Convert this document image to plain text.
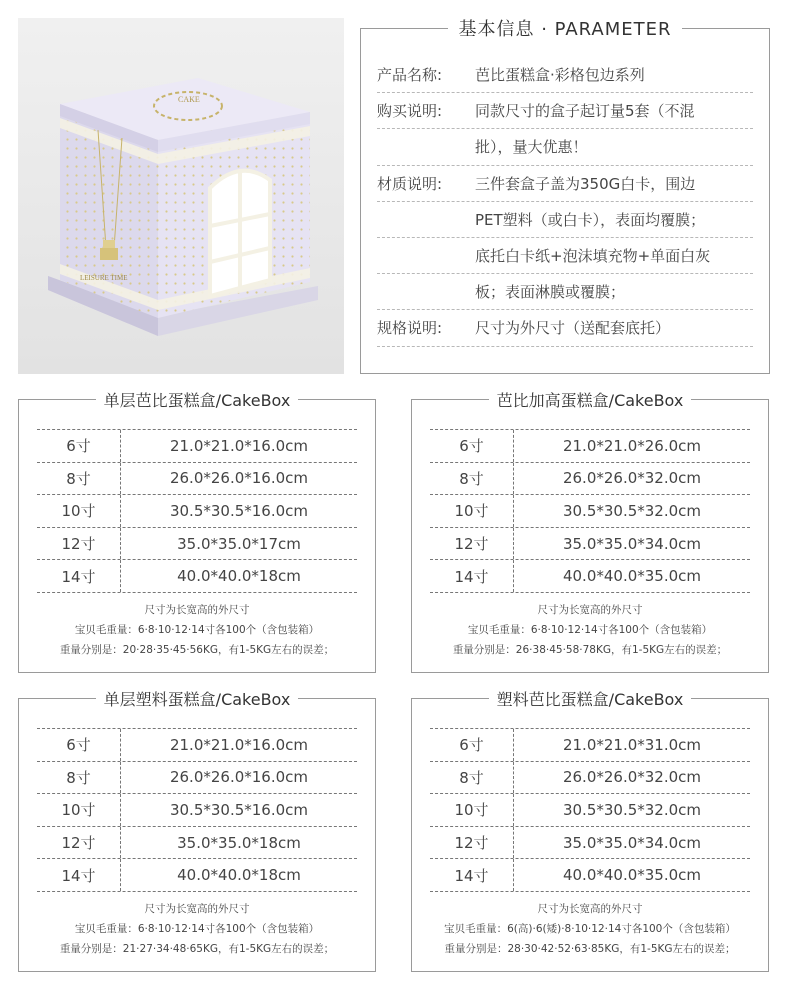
CAKE
LEISURE TIME
基本信息 · PARAMETER
产品名称:	芭比蛋糕盒·彩格包边系列
购买说明:	同款尺寸的盒子起订量5套（不混
批），量大优惠！
材质说明:	三件套盒子盖为350G白卡，围边
PET塑料（或白卡），表面均覆膜；
底托白卡纸+泡沫填充物+单面白灰
板；表面淋膜或覆膜；
规格说明:	尺寸为外尺寸（送配套底托）
单层芭比蛋糕盒/CakeBox
6寸	21.0*21.0*16.0cm
8寸	26.0*26.0*16.0cm
10寸	30.5*30.5*16.0cm
12寸	35.0*35.0*17cm
14寸	40.0*40.0*18cm
尺寸为长宽高的外尺寸
宝贝毛重量：6·8·10·12·14寸各100个（含包装箱）
重量分别是：20·28·35·45·56KG，有1-5KG左右的误差；
芭比加高蛋糕盒/CakeBox
6寸	21.0*21.0*26.0cm
8寸	26.0*26.0*32.0cm
10寸	30.5*30.5*32.0cm
12寸	35.0*35.0*34.0cm
14寸	40.0*40.0*35.0cm
尺寸为长宽高的外尺寸
宝贝毛重量：6·8·10·12·14寸各100个（含包装箱）
重量分别是：26·38·45·58·78KG，有1-5KG左右的误差；
单层塑料蛋糕盒/CakeBox
6寸	21.0*21.0*16.0cm
8寸	26.0*26.0*16.0cm
10寸	30.5*30.5*16.0cm
12寸	35.0*35.0*18cm
14寸	40.0*40.0*18cm
尺寸为长宽高的外尺寸
宝贝毛重量：6·8·10·12·14寸各100个（含包装箱）
重量分别是：21·27·34·48·65KG，有1-5KG左右的误差；
塑料芭比蛋糕盒/CakeBox
6寸	21.0*21.0*31.0cm
8寸	26.0*26.0*32.0cm
10寸	30.5*30.5*32.0cm
12寸	35.0*35.0*34.0cm
14寸	40.0*40.0*35.0cm
尺寸为长宽高的外尺寸
宝贝毛重量：6(高)·6(矮)·8·10·12·14寸各100个（含包装箱）
重量分别是：28·30·42·52·63·85KG，有1-5KG左右的误差；
